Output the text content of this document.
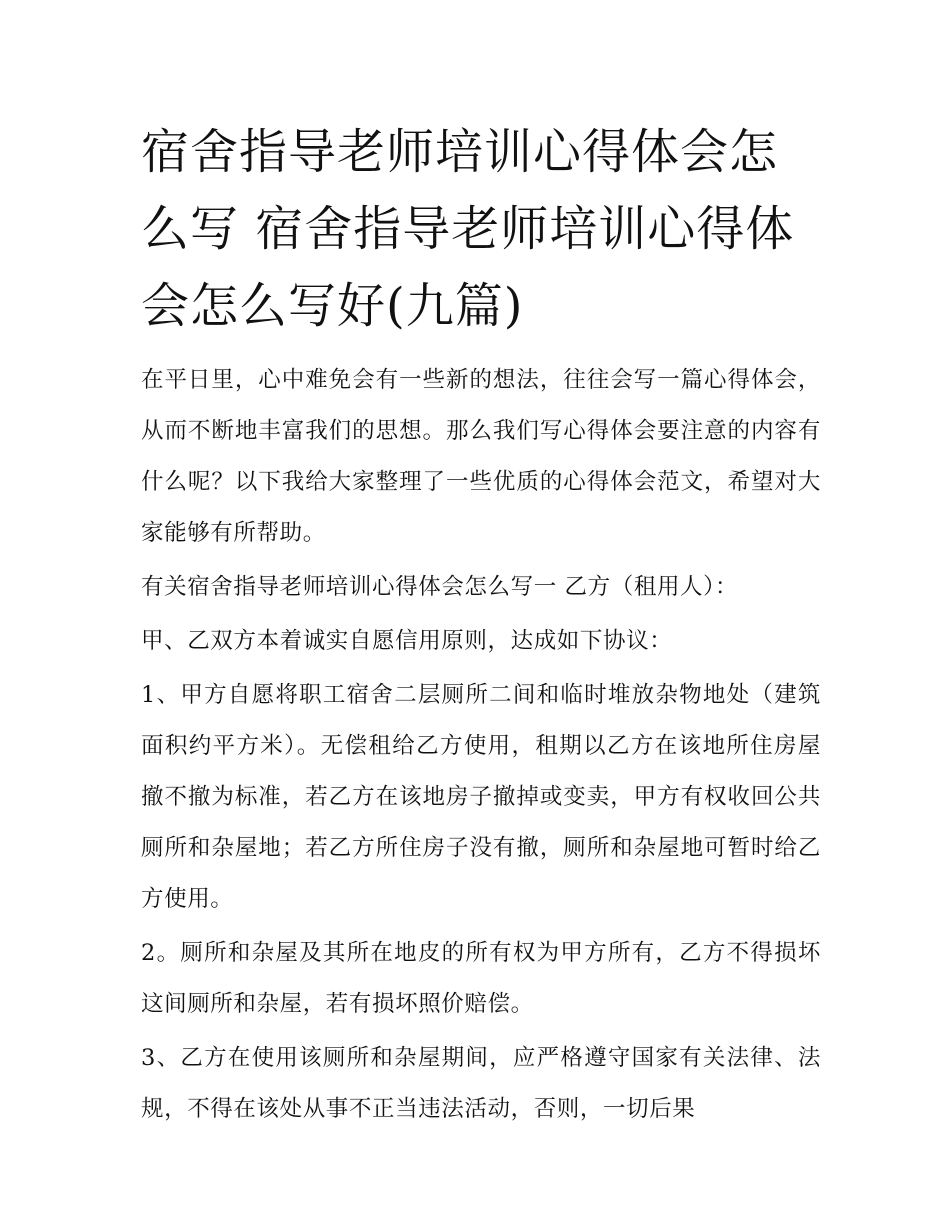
宿舍指导老师培训心得体会怎么写 宿舍指导老师培训心得体会怎么写好(九篇)

在平日里，心中难免会有一些新的想法，往往会写一篇心得体会，从而不断地丰富我们的思想。那么我们写心得体会要注意的内容有什么呢？以下我给大家整理了一些优质的心得体会范文，希望对大家能够有所帮助。

有关宿舍指导老师培训心得体会怎么写一 乙方（租用人）：

甲、乙双方本着诚实自愿信用原则，达成如下协议：

1、甲方自愿将职工宿舍二层厕所二间和临时堆放杂物地处（建筑面积约平方米）。无偿租给乙方使用，租期以乙方在该地所住房屋撤不撤为标准，若乙方在该地房子撤掉或变卖，甲方有权收回公共厕所和杂屋地；若乙方所住房子没有撤，厕所和杂屋地可暂时给乙方使用。

2。厕所和杂屋及其所在地皮的所有权为甲方所有，乙方不得损坏这间厕所和杂屋，若有损坏照价赔偿。

3、乙方在使用该厕所和杂屋期间，应严格遵守国家有关法律、法规，不得在该处从事不正当违法活动，否则，一切后果
